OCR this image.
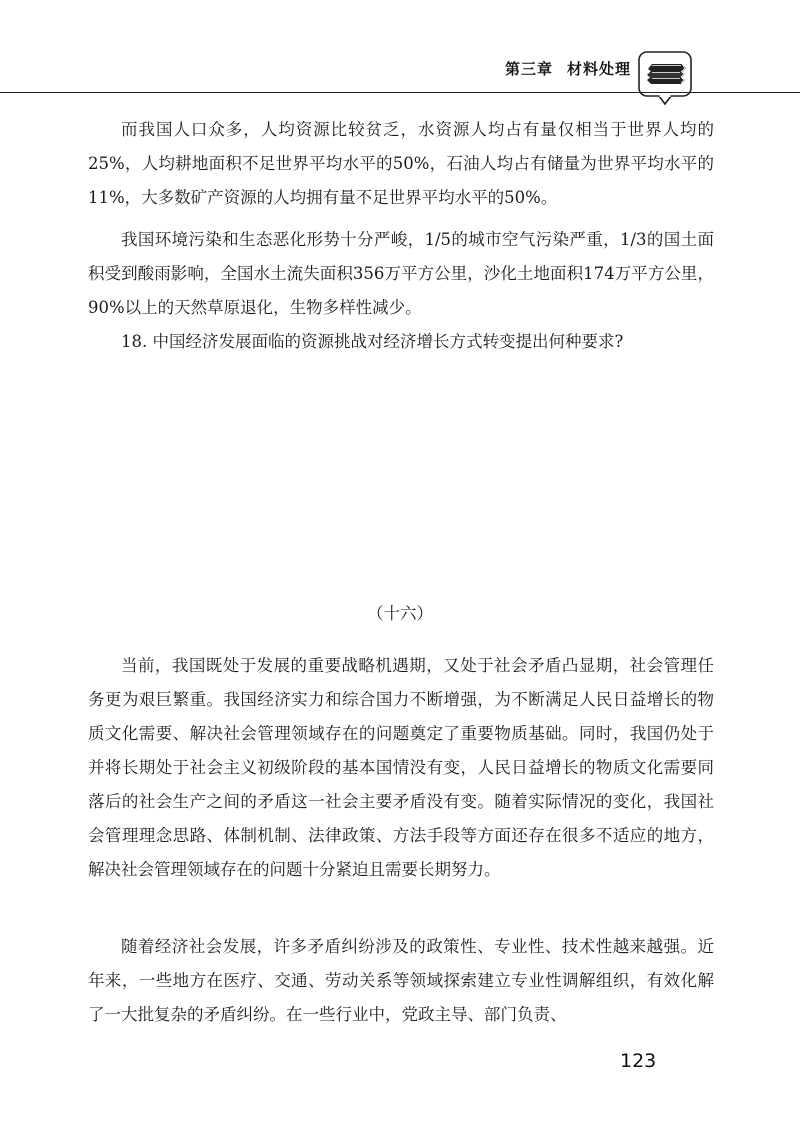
第三章 材料处理

而我国人口众多，人均资源比较贫乏，水资源人均占有量仅相当于世界人均的25%，人均耕地面积不足世界平均水平的50%，石油人均占有储量为世界平均水平的11%，大多数矿产资源的人均拥有量不足世界平均水平的50%。

我国环境污染和生态恶化形势十分严峻，1/5的城市空气污染严重，1/3的国土面积受到酸雨影响，全国水土流失面积356万平方公里，沙化土地面积174万平方公里，90%以上的天然草原退化，生物多样性减少。

18. 中国经济发展面临的资源挑战对经济增长方式转变提出何种要求?

（十六）

当前，我国既处于发展的重要战略机遇期，又处于社会矛盾凸显期，社会管理任务更为艰巨繁重。我国经济实力和综合国力不断增强，为不断满足人民日益增长的物质文化需要、解决社会管理领域存在的问题奠定了重要物质基础。同时，我国仍处于并将长期处于社会主义初级阶段的基本国情没有变，人民日益增长的物质文化需要同落后的社会生产之间的矛盾这一社会主要矛盾没有变。随着实际情况的变化，我国社会管理理念思路、体制机制、法律政策、方法手段等方面还存在很多不适应的地方，解决社会管理领域存在的问题十分紧迫且需要长期努力。

随着经济社会发展，许多矛盾纠纷涉及的政策性、专业性、技术性越来越强。近年来，一些地方在医疗、交通、劳动关系等领域探索建立专业性调解组织，有效化解了一大批复杂的矛盾纠纷。在一些行业中，党政主导、部门负责、

123
